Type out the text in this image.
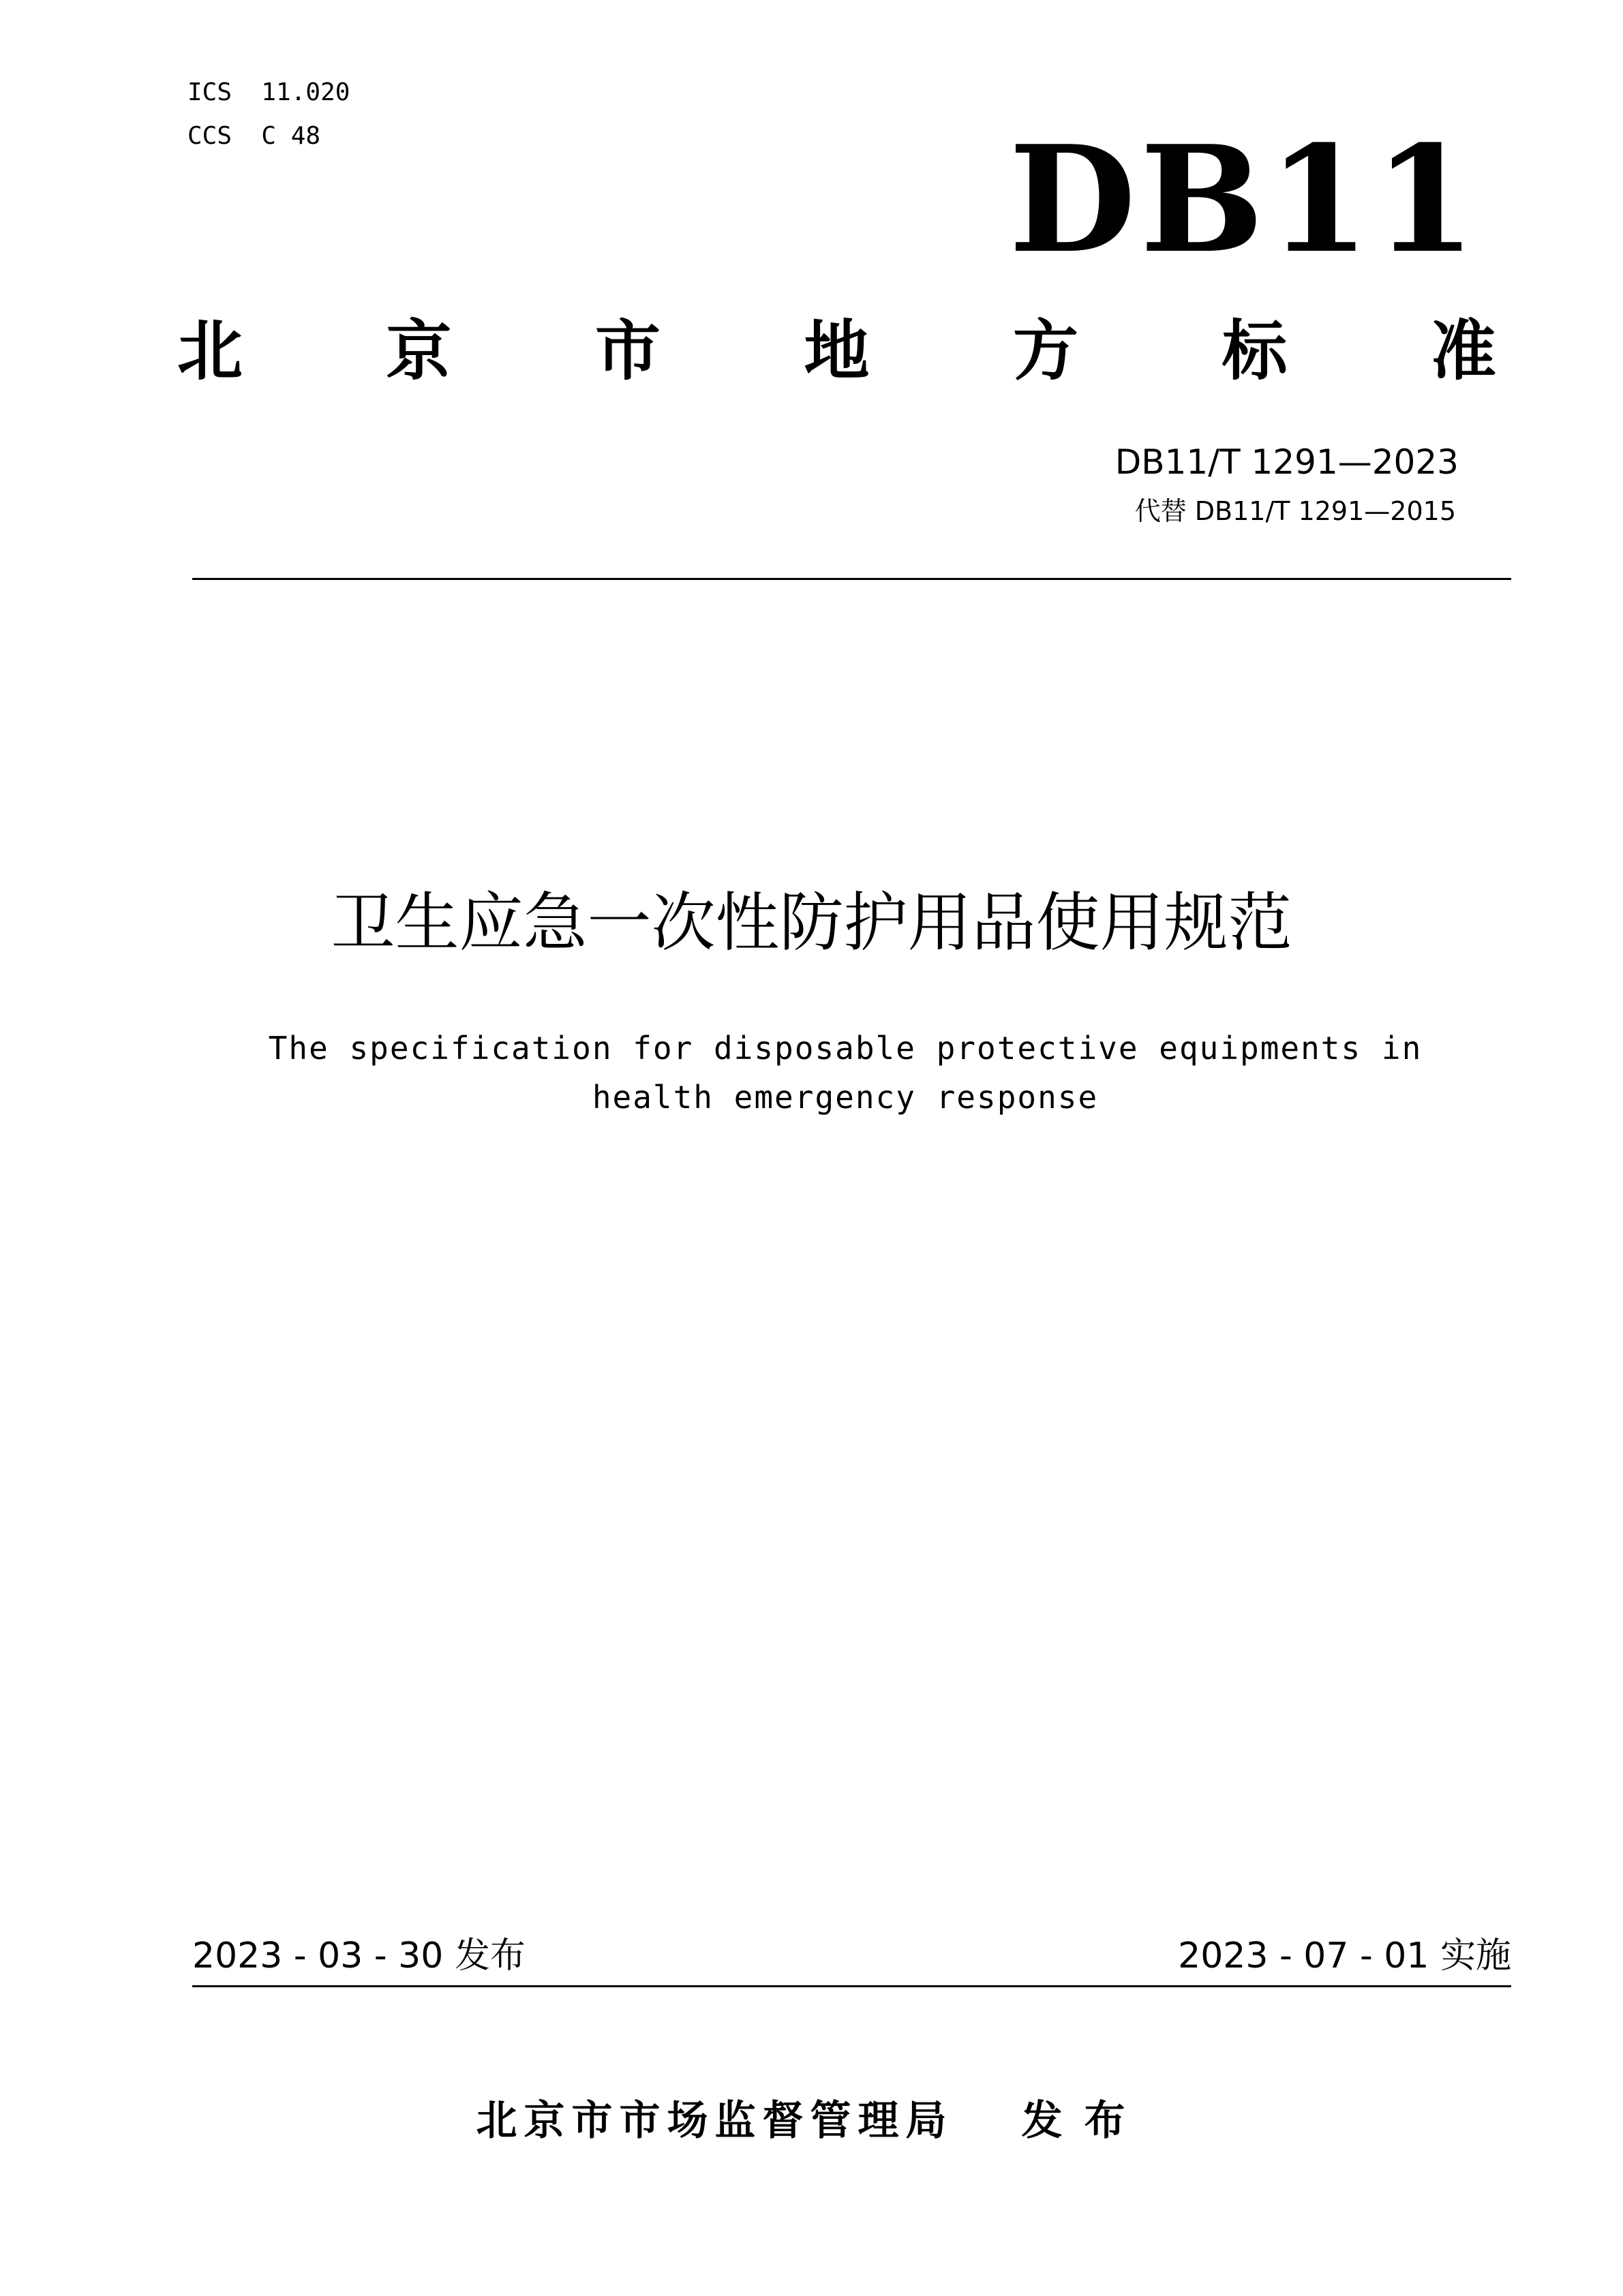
ICS  11.020
CCS  C 48	DB11
北 京 市 地 方 标 准
DB11/T 1291—2023
代替 DB11/T 1291—2015
卫生应急一次性防护用品使用规范
The specification for disposable protective equipments in health emergency response
2023 - 03 - 30 发布	2023 - 07 - 01 实施
北京市市场监督管理局 发布
